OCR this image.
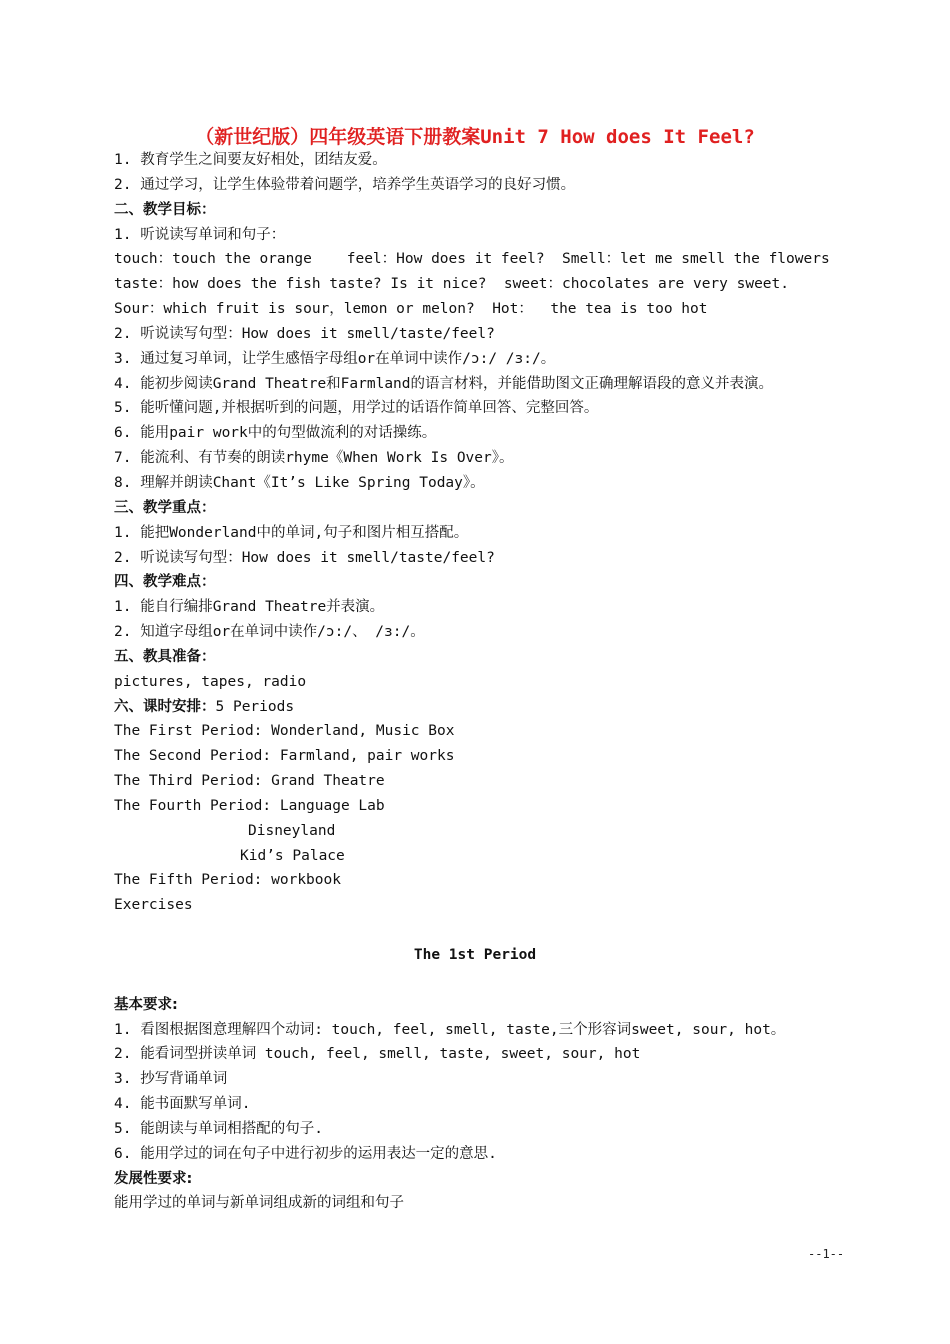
（新世纪版）四年级英语下册教案Unit 7 How does It Feel?
1. 教育学生之间要友好相处，团结友爱。
2. 通过学习，让学生体验带着问题学，培养学生英语学习的良好习惯。
二、教学目标：
1. 听说读写单词和句子：
touch：touch the orange    feel：How does it feel?  Smell：let me smell the flowers
taste：how does the fish taste? Is it nice?  sweet：chocolates are very sweet.
Sour：which fruit is sour，lemon or melon?  Hot：  the tea is too hot
2. 听说读写句型：How does it smell/taste/feel?
3. 通过复习单词，让学生感悟字母组or在单词中读作/ɔ:/ /ɜ:/。
4. 能初步阅读Grand Theatre和Farmland的语言材料，并能借助图文正确理解语段的意义并表演。
5. 能听懂问题,并根据听到的问题，用学过的话语作简单回答、完整回答。
6. 能用pair work中的句型做流利的对话操练。
7. 能流利、有节奏的朗读rhyme《When Work Is Over》。
8. 理解并朗读Chant《It’s Like Spring Today》。
三、教学重点：
1. 能把Wonderland中的单词,句子和图片相互搭配。
2. 听说读写句型：How does it smell/taste/feel?
四、教学难点：
1. 能自行编排Grand Theatre并表演。
2. 知道字母组or在单词中读作/ɔ:/、 /ɜ:/。
五、教具准备：
pictures, tapes, radio
六、课时安排：5 Periods
The First Period: Wonderland, Music Box
The Second Period: Farmland, pair works
The Third Period: Grand Theatre
The Fourth Period: Language Lab
Disneyland
Kid’s Palace
The Fifth Period: workbook
Exercises
The 1st Period
基本要求:
1. 看图根据图意理解四个动词: touch, feel, smell, taste,三个形容词sweet, sour, hot。
2. 能看词型拼读单词 touch, feel, smell, taste, sweet, sour, hot
3. 抄写背诵单词
4. 能书面默写单词.
5. 能朗读与单词相搭配的句子.
6. 能用学过的词在句子中进行初步的运用表达一定的意思.
发展性要求:
能用学过的单词与新单词组成新的词组和句子
--1--
